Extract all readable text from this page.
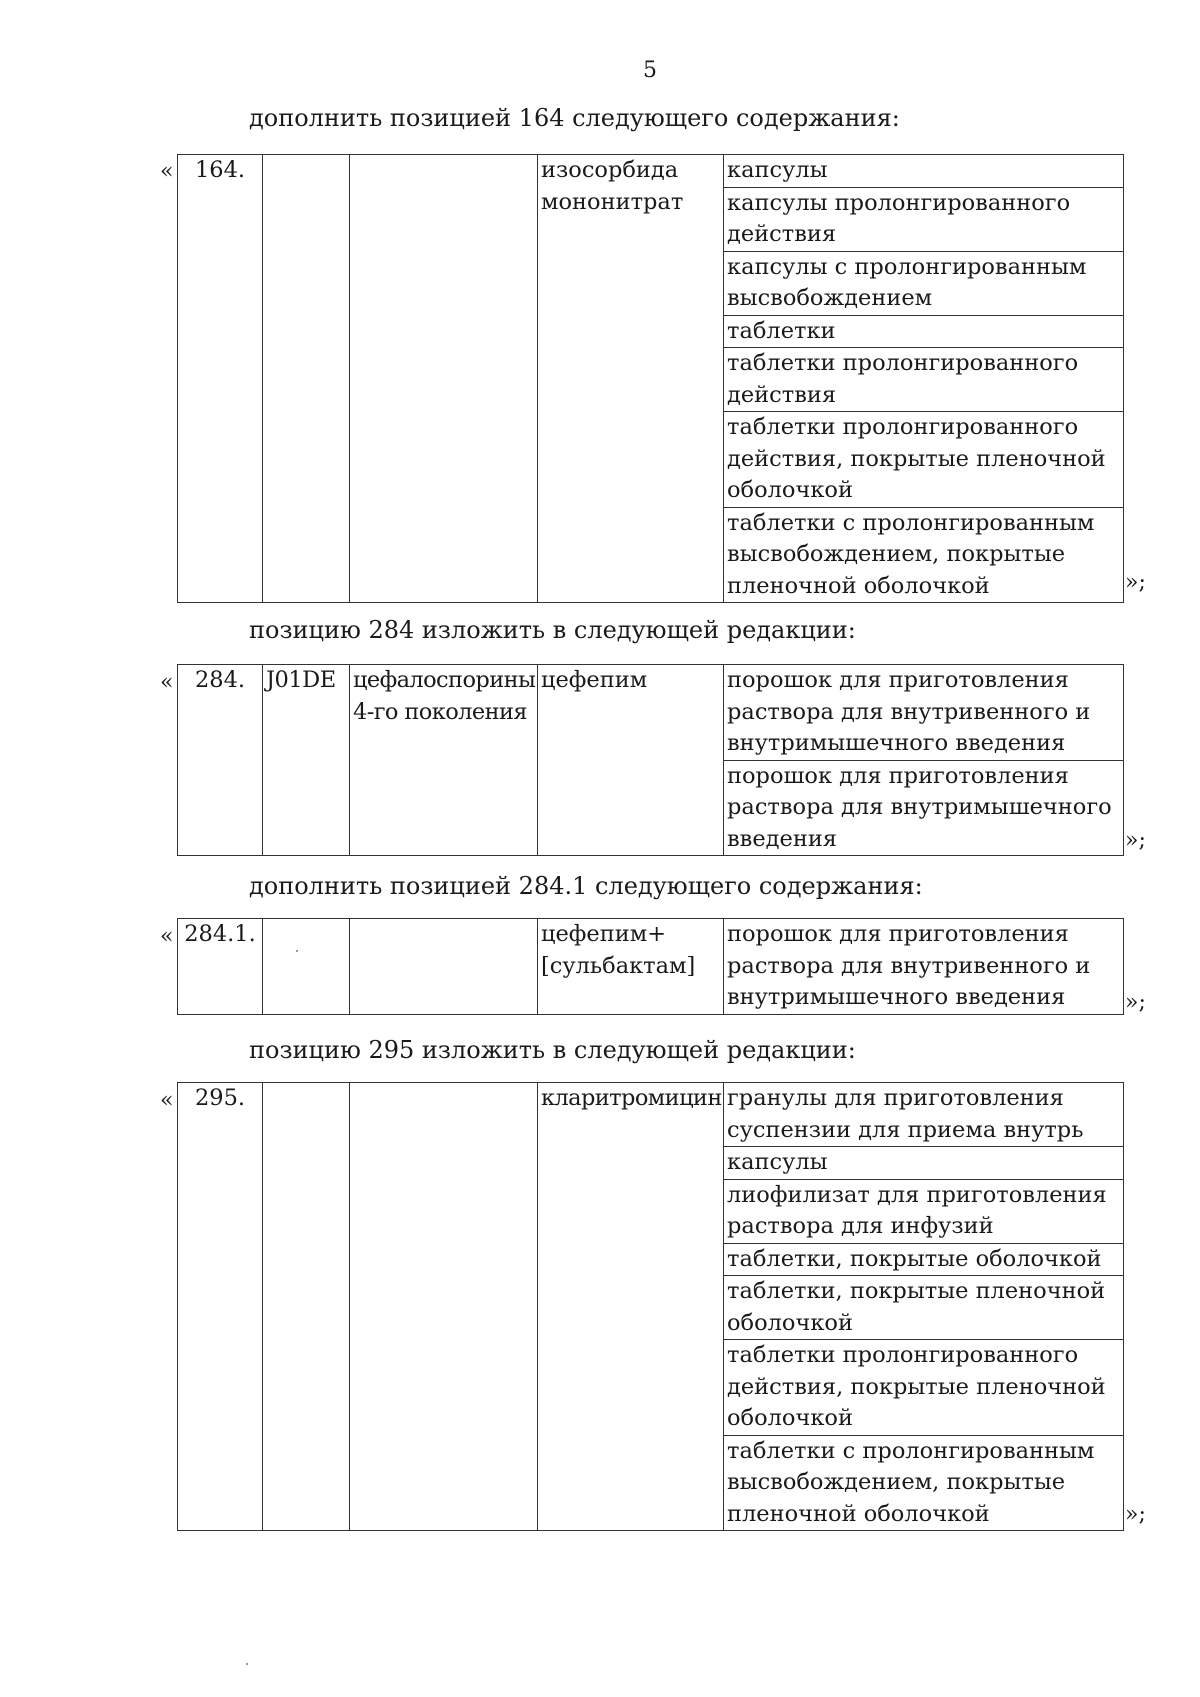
5
дополнить позицией 164 следующего содержания:
« 164.			изосорбида мононитрат	капсулы
капсулы пролонгированного действия
капсулы с пролонгированным высвобождением
таблетки
таблетки пролонгированного действия
таблетки пролонгированного действия, покрытые пленочной оболочкой
таблетки с пролонгированным высвобождением, покрытые пленочной оболочкой	»;
позицию 284 изложить в следующей редакции:
« 284.	J01DE	цефалоспорины 4-го поколения	цефепим	порошок для приготовления раствора для внутривенного и внутримышечного введения
порошок для приготовления раствора для внутримышечного введения	»;
дополнить позицией 284.1 следующего содержания:
« 284.1.			цефепим+ [сульбактам]	порошок для приготовления раствора для внутривенного и внутримышечного введения	»;
позицию 295 изложить в следующей редакции:
« 295.			кларитромицин	гранулы для приготовления суспензии для приема внутрь
капсулы
лиофилизат для приготовления раствора для инфузий
таблетки, покрытые оболочкой
таблетки, покрытые пленочной оболочкой
таблетки пролонгированного действия, покрытые пленочной оболочкой
таблетки с пролонгированным высвобождением, покрытые пленочной оболочкой	»;
